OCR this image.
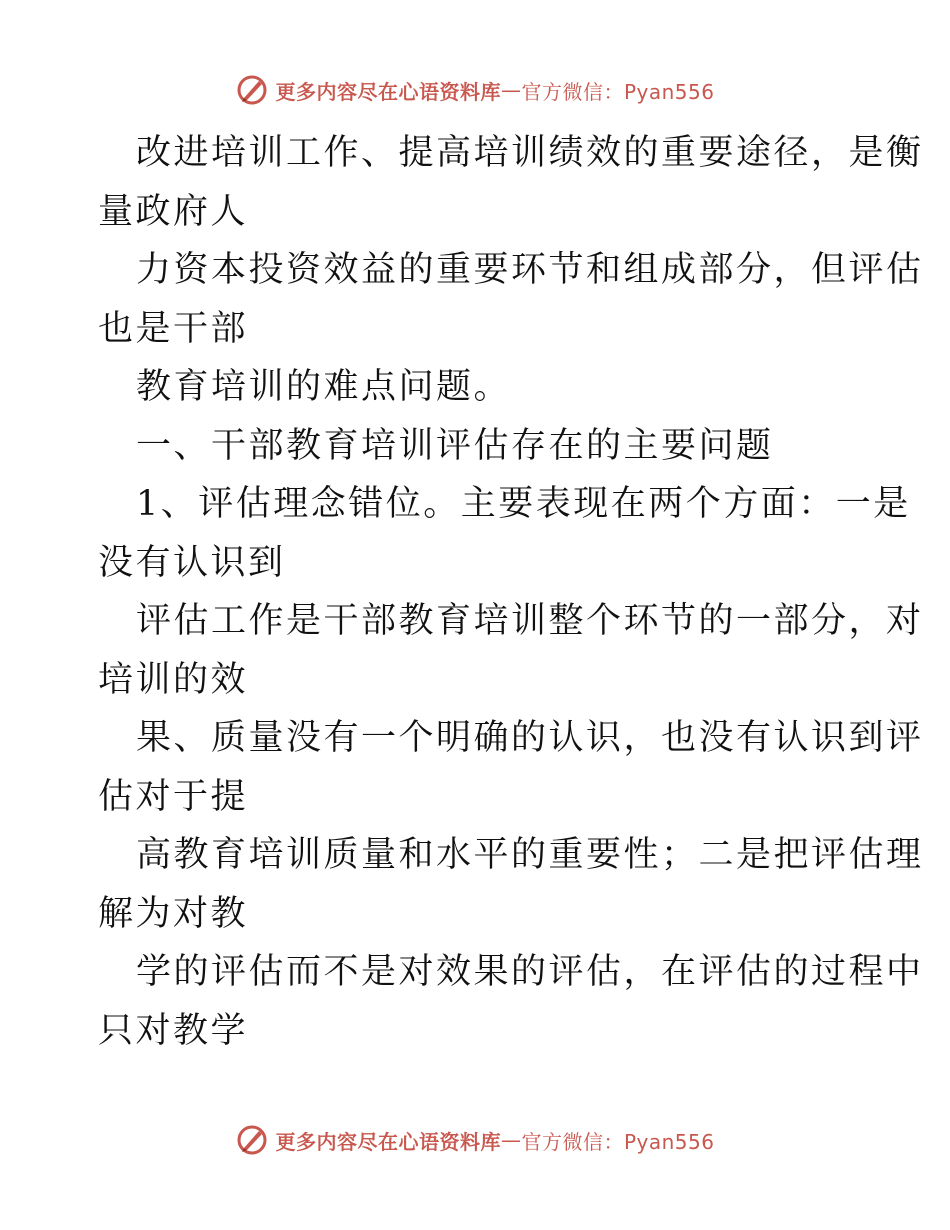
更多内容尽在心语资料库 — 官方微信：Pyan556
改进培训工作、提高培训绩效的重要途径，是衡
量政府人
力资本投资效益的重要环节和组成部分，但评估
也是干部
教育培训的难点问题。
一、干部教育培训评估存在的主要问题
1、评估理念错位。主要表现在两个方面：一是
没有认识到
评估工作是干部教育培训整个环节的一部分，对
培训的效
果、质量没有一个明确的认识，也没有认识到评
估对于提
高教育培训质量和水平的重要性；二是把评估理
解为对教
学的评估而不是对效果的评估，在评估的过程中
只对教学
更多内容尽在心语资料库 — 官方微信：Pyan556
